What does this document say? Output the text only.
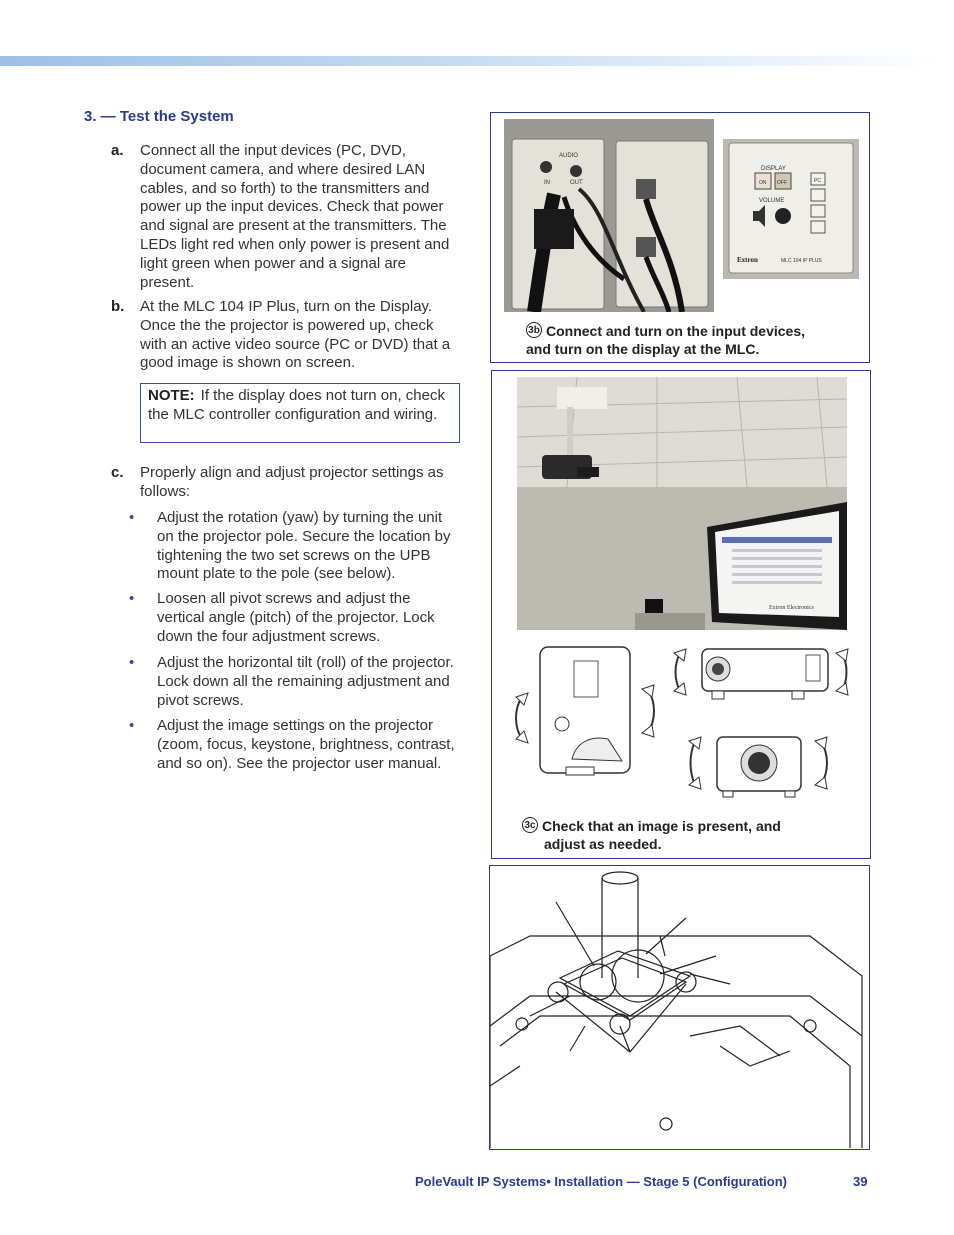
3. — Test the System
a. Connect all the input devices (PC, DVD, document camera, and where desired LAN cables, and so forth) to the transmitters and power up the input devices. Check that power and signal are present at the transmitters. The LEDs light red when only power is present and light green when power and a signal are present.
b. At the MLC 104 IP Plus, turn on the Display. Once the the projector is powered up, check with an active video source (PC or DVD) that a good image is shown on screen.
NOTE: If the display does not turn on, check the MLC controller configuration and wiring.
c. Properly align and adjust projector settings as follows:
• Adjust the rotation (yaw) by turning the unit on the projector pole. Secure the location by tightening the two set screws on the UPB mount plate to the pole (see below).
• Loosen all pivot screws and adjust the vertical angle (pitch) of the projector. Lock down the four adjustment screws.
• Adjust the horizontal tilt (roll) of the projector. Lock down all the remaining adjustment and pivot screws.
• Adjust the image settings on the projector (zoom, focus, keystone, brightness, contrast, and so on). See the projector user manual.
AUDIO
IN	OUT
DISPLAY
ON OFF
VOLUME
PC
Extron	MLC 104 IP PLUS
3b Connect and turn on the input devices,
and turn on the display at the MLC.
Extron Electronics
3c Check that an image is present, and
adjust as needed.
PoleVault IP Systems• Installation — Stage 5 (Configuration)	39
